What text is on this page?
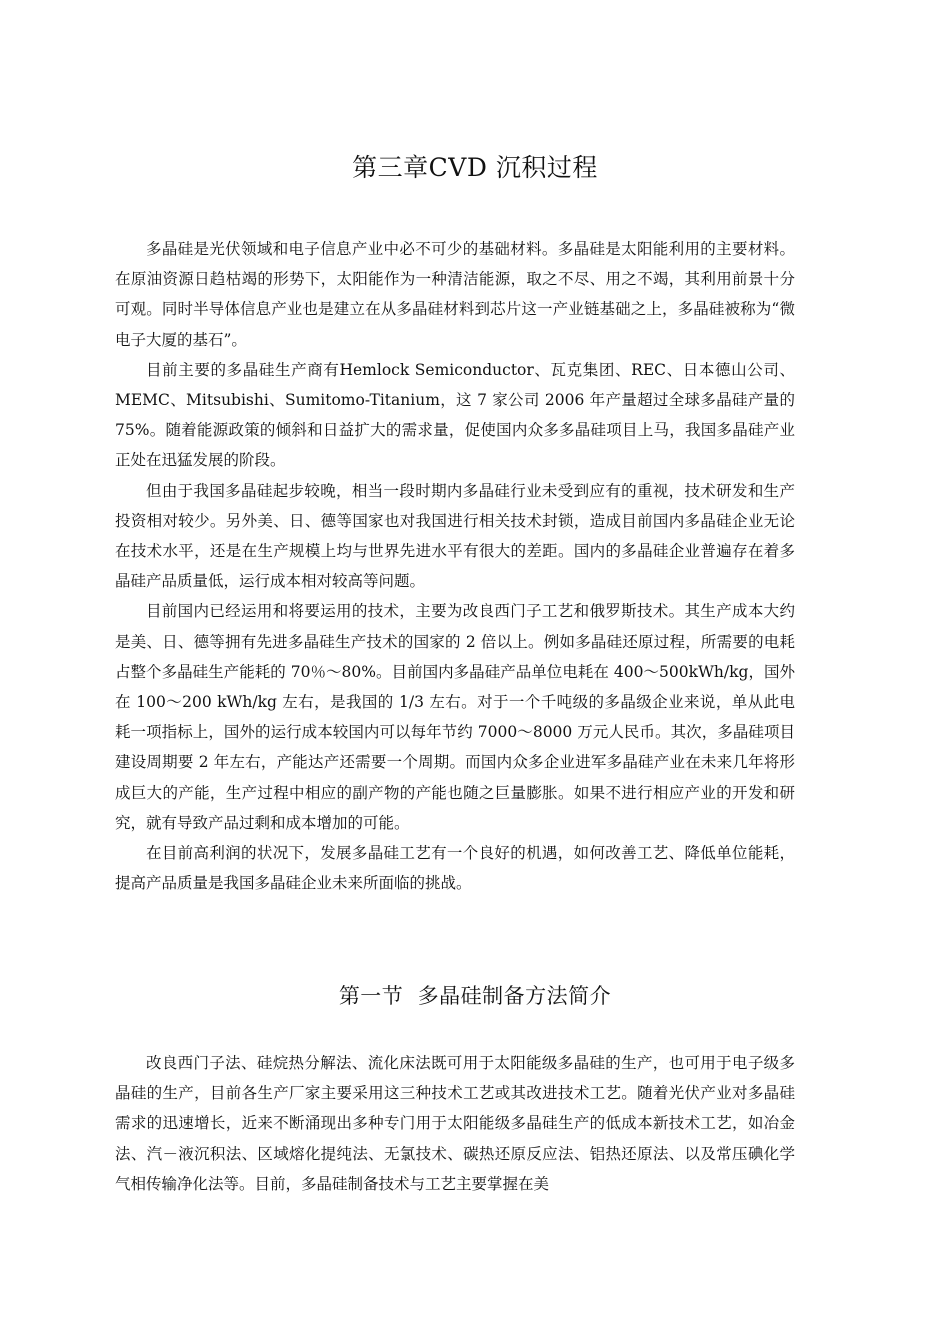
第三章CVD 沉积过程

多晶硅是光伏领域和电子信息产业中必不可少的基础材料。多晶硅是太阳能利用的主要材料。在原油资源日趋枯竭的形势下，太阳能作为一种清洁能源，取之不尽、用之不竭，其利用前景十分可观。同时半导体信息产业也是建立在从多晶硅材料到芯片这一产业链基础之上，多晶硅被称为“微电子大厦的基石”。

目前主要的多晶硅生产商有Hemlock Semiconductor、瓦克集团、REC、日本德山公司、MEMC、Mitsubishi、Sumitomo-Titanium，这 7 家公司 2006 年产量超过全球多晶硅产量的 75%。随着能源政策的倾斜和日益扩大的需求量，促使国内众多多晶硅项目上马，我国多晶硅产业正处在迅猛发展的阶段。

但由于我国多晶硅起步较晚，相当一段时期内多晶硅行业未受到应有的重视，技术研发和生产投资相对较少。另外美、日、德等国家也对我国进行相关技术封锁，造成目前国内多晶硅企业无论在技术水平，还是在生产规模上均与世界先进水平有很大的差距。国内的多晶硅企业普遍存在着多晶硅产品质量低，运行成本相对较高等问题。

目前国内已经运用和将要运用的技术，主要为改良西门子工艺和俄罗斯技术。其生产成本大约是美、日、德等拥有先进多晶硅生产技术的国家的 2 倍以上。例如多晶硅还原过程，所需要的电耗占整个多晶硅生产能耗的 70％～80%。目前国内多晶硅产品单位电耗在 400～500kWh/kg，国外在 100～200 kWh/kg 左右，是我国的 1/3 左右。对于一个千吨级的多晶级企业来说，单从此电耗一项指标上，国外的运行成本较国内可以每年节约 7000～8000 万元人民币。其次，多晶硅项目建设周期要 2 年左右，产能达产还需要一个周期。而国内众多企业进军多晶硅产业在未来几年将形成巨大的产能，生产过程中相应的副产物的产能也随之巨量膨胀。如果不进行相应产业的开发和研究，就有导致产品过剩和成本增加的可能。

在目前高利润的状况下，发展多晶硅工艺有一个良好的机遇，如何改善工艺、降低单位能耗，提高产品质量是我国多晶硅企业未来所面临的挑战。

第一节  多晶硅制备方法简介

改良西门子法、硅烷热分解法、流化床法既可用于太阳能级多晶硅的生产，也可用于电子级多晶硅的生产，目前各生产厂家主要采用这三种技术工艺或其改进技术工艺。随着光伏产业对多晶硅需求的迅速增长，近来不断涌现出多种专门用于太阳能级多晶硅生产的低成本新技术工艺，如冶金法、汽－液沉积法、区域熔化提纯法、无氯技术、碳热还原反应法、铝热还原法、以及常压碘化学气相传输净化法等。目前，多晶硅制备技术与工艺主要掌握在美
